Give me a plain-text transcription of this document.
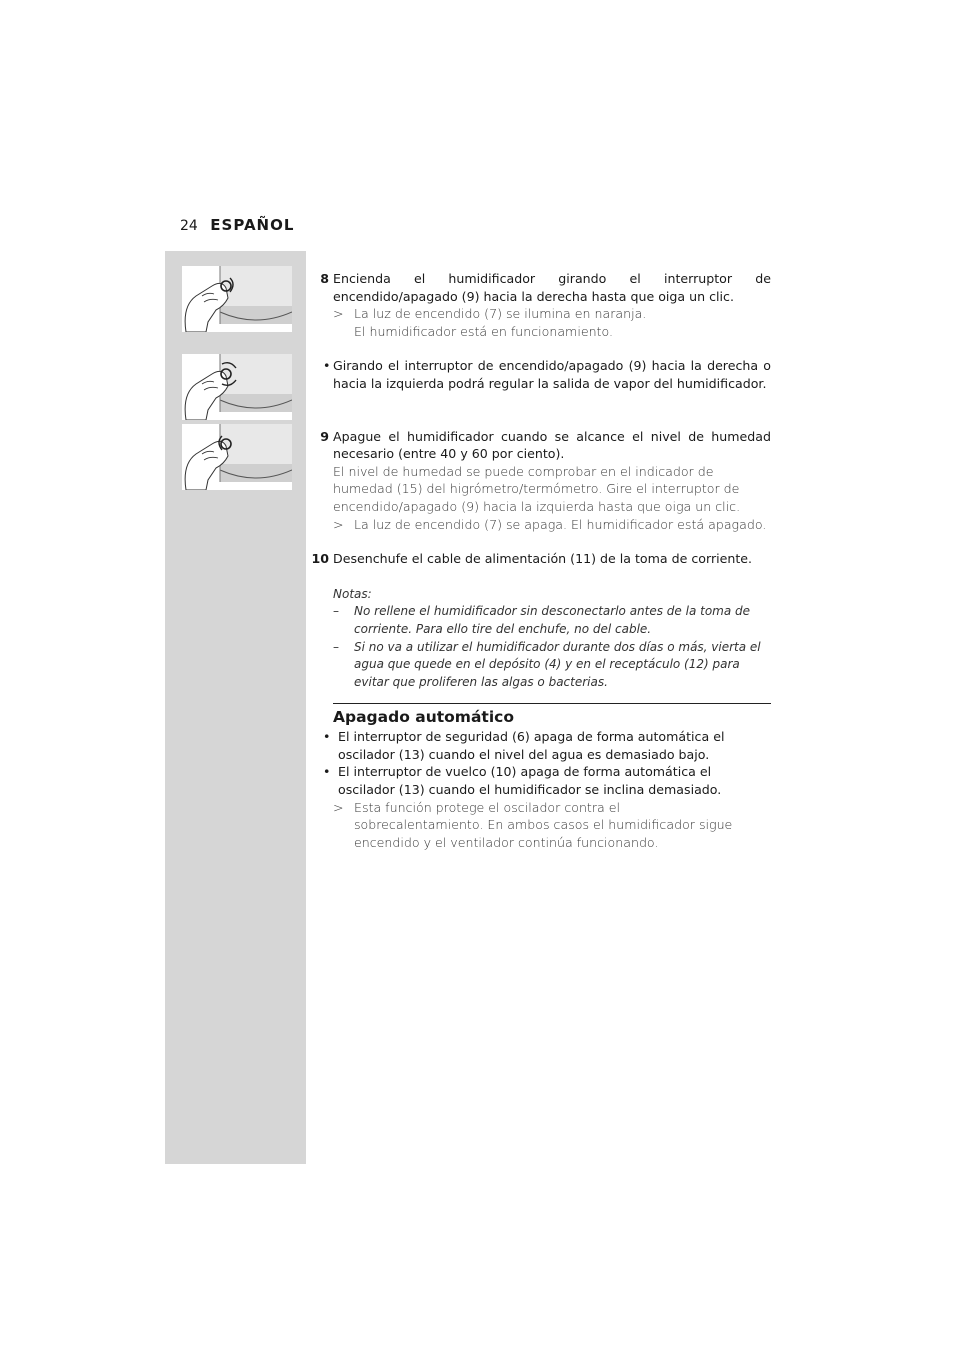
24 ESPAÑOL
8 Encienda el humidificador girando el interruptor de encendido/apagado (9) hacia la derecha hasta que oiga un clic.
> La luz de encendido (7) se ilumina en naranja. El humidificador está en funcionamiento.
• Girando el interruptor de encendido/apagado (9) hacia la derecha o hacia la izquierda podrá regular la salida de vapor del humidificador.
9 Apague el humidificador cuando se alcance el nivel de humedad necesario (entre 40 y 60 por ciento).
El nivel de humedad se puede comprobar en el indicador de humedad (15) del higrómetro/termómetro. Gire el interruptor de encendido/apagado (9) hacia la izquierda hasta que oiga un clic.
> La luz de encendido (7) se apaga. El humidificador está apagado.
10 Desenchufe el cable de alimentación (11) de la toma de corriente.
Notas:
– No rellene el humidificador sin desconectarlo antes de la toma de corriente. Para ello tire del enchufe, no del cable.
– Si no va a utilizar el humidificador durante dos días o más, vierta el agua que quede en el depósito (4) y en el receptáculo (12) para evitar que proliferen las algas o bacterias.
Apagado automático
• El interruptor de seguridad (6) apaga de forma automática el oscilador (13) cuando el nivel del agua es demasiado bajo.
• El interruptor de vuelco (10) apaga de forma automática el oscilador (13) cuando el humidificador se inclina demasiado.
> Esta función protege el oscilador contra el sobrecalentamiento. En ambos casos el humidificador sigue encendido y el ventilador continúa funcionando.
